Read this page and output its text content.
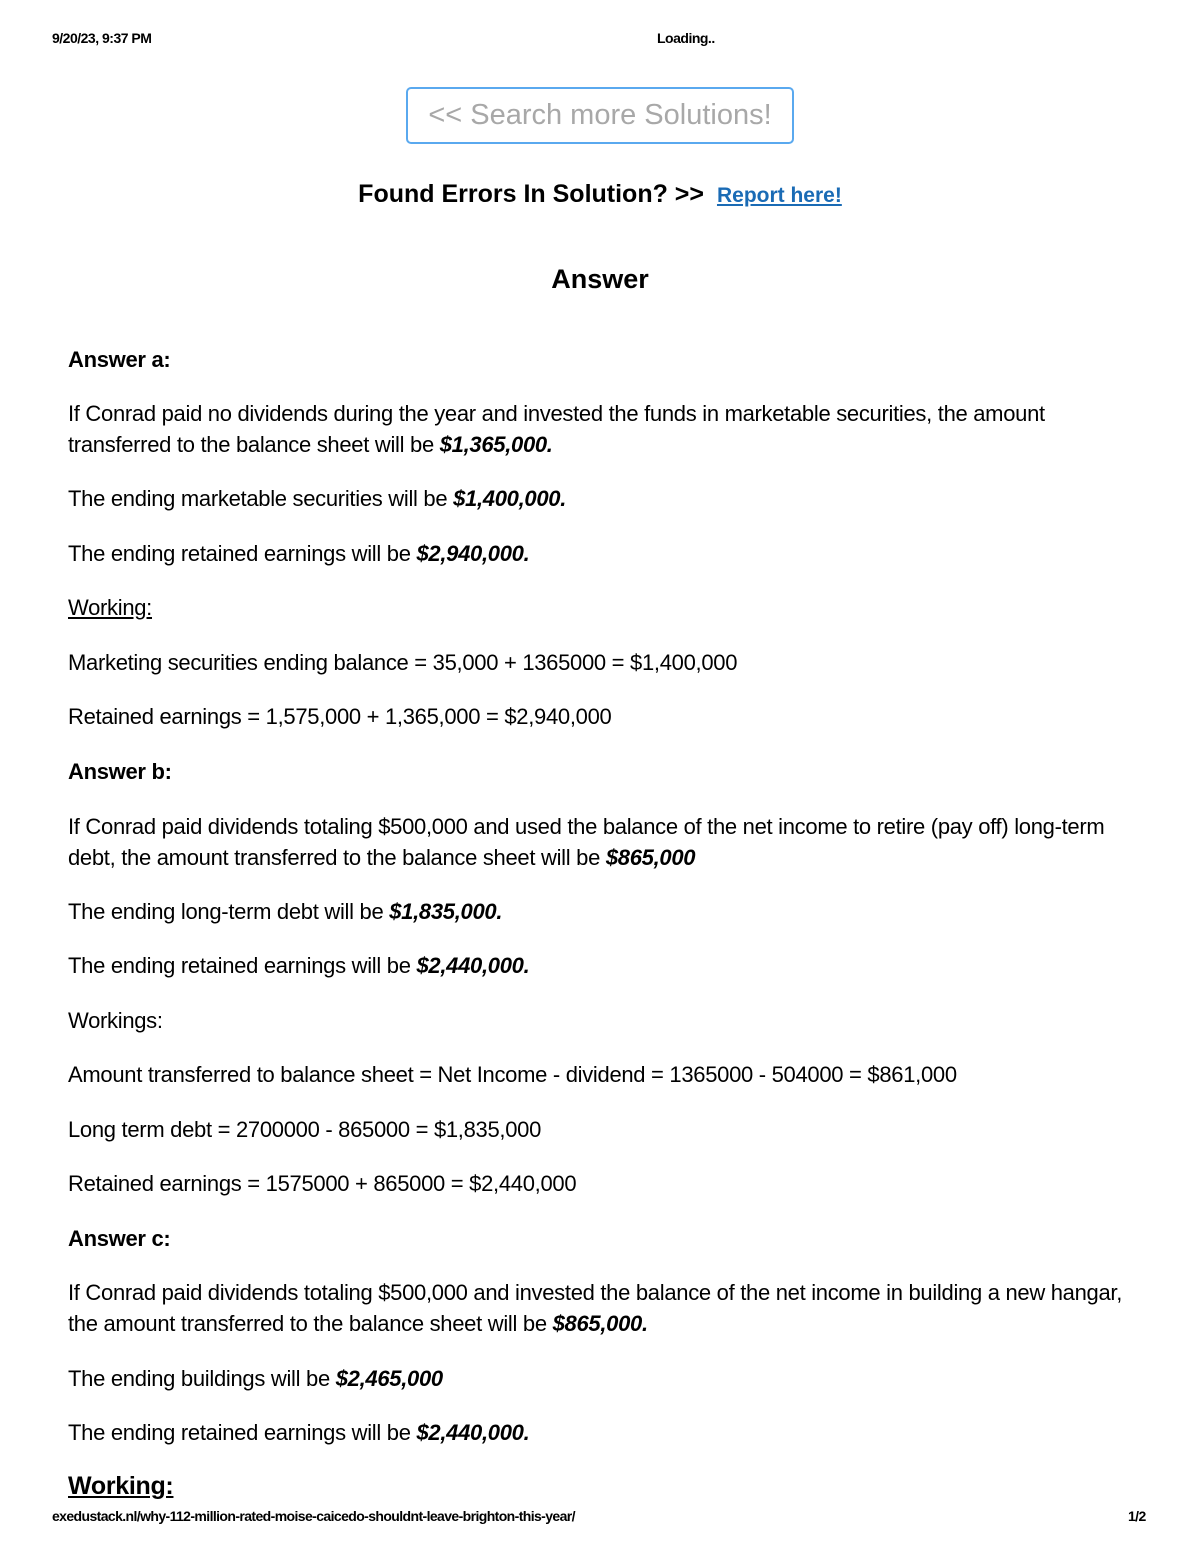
9/20/23, 9:37 PM	Loading..
<< Search more Solutions!
Found Errors In Solution? >> Report here!
Answer
Answer a:
If Conrad paid no dividends during the year and invested the funds in marketable securities, the amount transferred to the balance sheet will be $1,365,000.
The ending marketable securities will be $1,400,000.
The ending retained earnings will be $2,940,000.
Working:
Marketing securities ending balance = 35,000 + 1365000 = $1,400,000
Retained earnings = 1,575,000 + 1,365,000 = $2,940,000
Answer b:
If Conrad paid dividends totaling $500,000 and used the balance of the net income to retire (pay off) long-term debt, the amount transferred to the balance sheet will be $865,000
The ending long-term debt will be $1,835,000.
The ending retained earnings will be $2,440,000.
Workings:
Amount transferred to balance sheet = Net Income - dividend = 1365000 - 504000 = $861,000
Long term debt = 2700000 - 865000 = $1,835,000
Retained earnings = 1575000 + 865000 = $2,440,000
Answer c:
If Conrad paid dividends totaling $500,000 and invested the balance of the net income in building a new hangar, the amount transferred to the balance sheet will be $865,000.
The ending buildings will be $2,465,000
The ending retained earnings will be $2,440,000.
Working:
exedustack.nl/why-112-million-rated-moise-caicedo-shouldnt-leave-brighton-this-year/	1/2
